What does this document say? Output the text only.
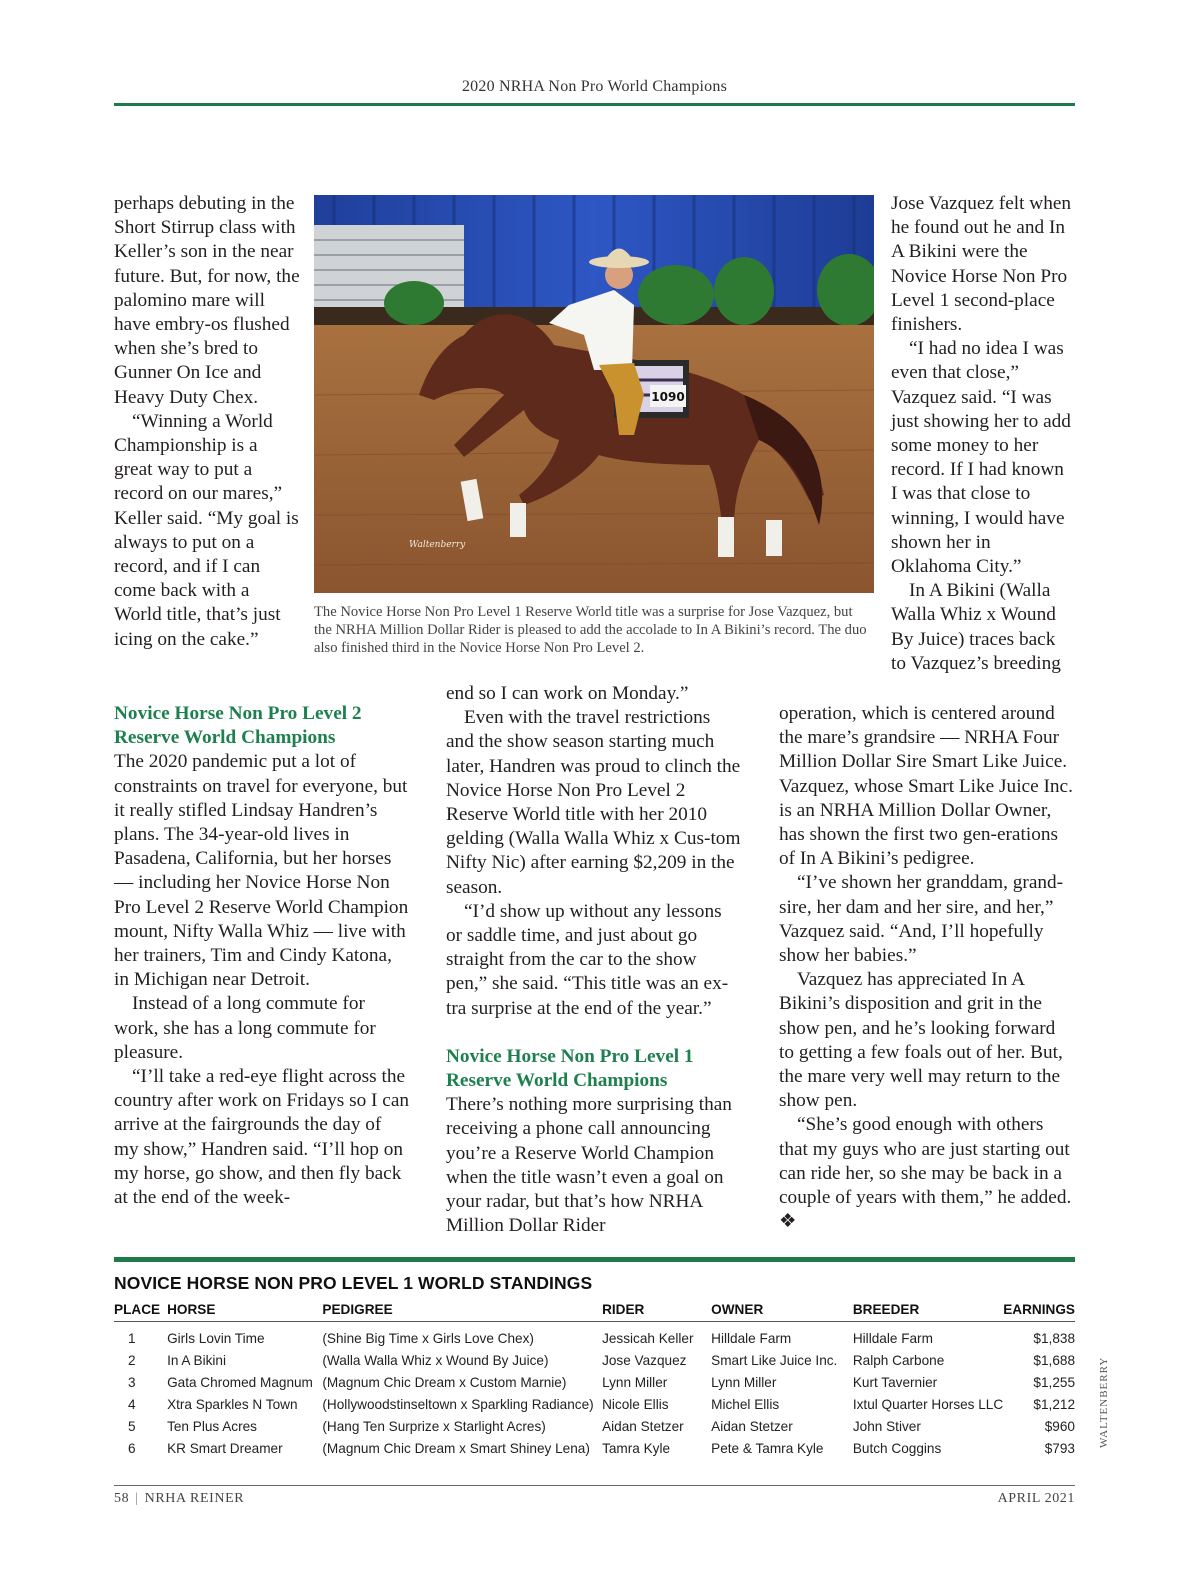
2020 NRHA Non Pro World Champions

perhaps debuting in the Short Stirrup class with Keller’s son in the near future. But, for now, the palomino mare will have embry-os flushed when she’s bred to Gunner On Ice and Heavy Duty Chex.

“Winning a World Championship is a great way to put a record on our mares,” Keller said. “My goal is always to put on a record, and if I can come back with a World title, that’s just icing on the cake.”

1090
Waltenberry
The Novice Horse Non Pro Level 1 Reserve World title was a surprise for Jose Vazquez, but the NRHA Million Dollar Rider is pleased to add the accolade to In A Bikini’s record. The duo also finished third in the Novice Horse Non Pro Level 2.

Jose Vazquez felt when he found out he and In A Bikini were the Novice Horse Non Pro Level 1 second-place finishers.

“I had no idea I was even that close,” Vazquez said. “I was just showing her to add some money to her record. If I had known I was that close to winning, I would have shown her in Oklahoma City.”

In A Bikini (Walla Walla Whiz x Wound By Juice) traces back to Vazquez’s breeding

Novice Horse Non Pro Level 2 Reserve World Champions

The 2020 pandemic put a lot of constraints on travel for everyone, but it really stifled Lindsay Handren’s plans. The 34-year-old lives in Pasadena, California, but her horses — including her Novice Horse Non Pro Level 2 Reserve World Champion mount, Nifty Walla Whiz — live with her trainers, Tim and Cindy Katona, in Michigan near Detroit.

Instead of a long commute for work, she has a long commute for pleasure.

“I’ll take a red-eye flight across the country after work on Fridays so I can arrive at the fairgrounds the day of my show,” Handren said. “I’ll hop on my horse, go show, and then fly back at the end of the week-

end so I can work on Monday.”

Even with the travel restrictions and the show season starting much later, Handren was proud to clinch the Novice Horse Non Pro Level 2 Reserve World title with her 2010 gelding (Walla Walla Whiz x Cus-tom Nifty Nic) after earning $2,209 in the season.

“I’d show up without any lessons or saddle time, and just about go straight from the car to the show pen,” she said. “This title was an ex-tra surprise at the end of the year.”

Novice Horse Non Pro Level 1 Reserve World Champions

There’s nothing more surprising than receiving a phone call announcing you’re a Reserve World Champion when the title wasn’t even a goal on your radar, but that’s how NRHA Million Dollar Rider

operation, which is centered around the mare’s grandsire — NRHA Four Million Dollar Sire Smart Like Juice. Vazquez, whose Smart Like Juice Inc. is an NRHA Million Dollar Owner, has shown the first two gen-erations of In A Bikini’s pedigree.

“I’ve shown her granddam, grand-sire, her dam and her sire, and her,” Vazquez said. “And, I’ll hopefully show her babies.”

Vazquez has appreciated In A Bikini’s disposition and grit in the show pen, and he’s looking forward to getting a few foals out of her. But, the mare very well may return to the show pen.

“She’s good enough with others that my guys who are just starting out can ride her, so she may be back in a couple of years with them,” he added. ❖

NOVICE HORSE NON PRO LEVEL 1 WORLD STANDINGS
PLACE	HORSE	PEDIGREE	RIDER	OWNER	BREEDER	EARNINGS
1	Girls Lovin Time	(Shine Big Time x Girls Love Chex)	Jessicah Keller	Hilldale Farm	Hilldale Farm	$1,838
2	In A Bikini	(Walla Walla Whiz x Wound By Juice)	Jose Vazquez	Smart Like Juice Inc.	Ralph Carbone	$1,688
3	Gata Chromed Magnum	(Magnum Chic Dream x Custom Marnie)	Lynn Miller	Lynn Miller	Kurt Tavernier	$1,255
4	Xtra Sparkles N Town	(Hollywoodstinseltown x Sparkling Radiance)	Nicole Ellis	Michel Ellis	Ixtul Quarter Horses LLC	$1,212
5	Ten Plus Acres	(Hang Ten Surprize x Starlight Acres)	Aidan Stetzer	Aidan Stetzer	John Stiver	$960
6	KR Smart Dreamer	(Magnum Chic Dream x Smart Shiney Lena)	Tamra Kyle	Pete & Tamra Kyle	Butch Coggins	$793
WALTENBERRY
58 | NRHA REINER	APRIL 2021
